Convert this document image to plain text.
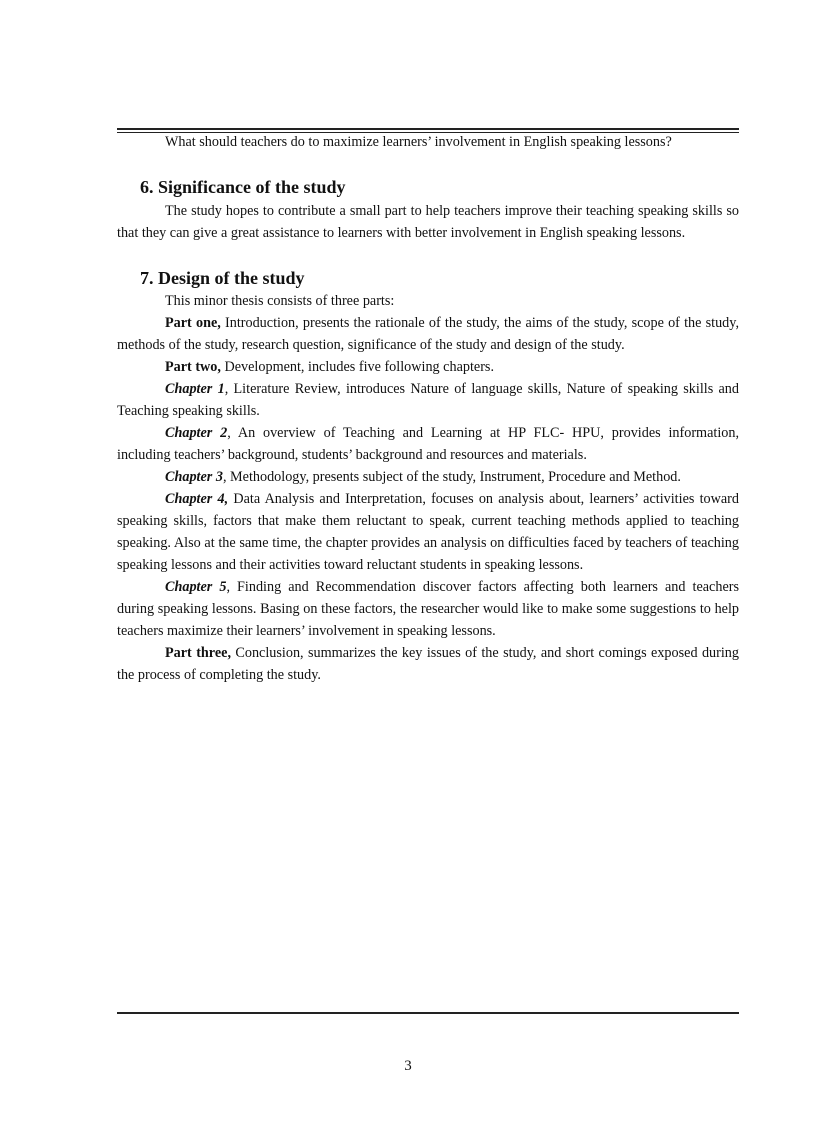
What should teachers do to maximize learners’ involvement in English speaking lessons?

6. Significance of the study

The study hopes to contribute a small part to help teachers improve their teaching speaking skills so that they can give a great assistance to learners with better involvement in English speaking lessons.

7. Design of the study

This minor thesis consists of three parts:

Part one, Introduction, presents the rationale of the study, the aims of the study, scope of the study, methods of the study, research question, significance of the study and design of the study.

Part two, Development, includes five following chapters.

Chapter 1, Literature Review, introduces Nature of language skills, Nature of speaking skills and Teaching speaking skills.

Chapter 2, An overview of Teaching and Learning at HP FLC- HPU, provides information, including teachers’ background, students’ background and resources and materials.

Chapter 3, Methodology, presents subject of the study, Instrument, Procedure and Method.

Chapter 4, Data Analysis and Interpretation, focuses on analysis about, learners’ activities toward speaking skills, factors that make them reluctant to speak, current teaching methods applied to teaching speaking. Also at the same time, the chapter provides an analysis on difficulties faced by teachers of teaching speaking lessons and their activities toward reluctant students in speaking lessons.

Chapter 5, Finding and Recommendation discover factors affecting both learners and teachers during speaking lessons. Basing on these factors, the researcher would like to make some suggestions to help teachers maximize their learners’ involvement in speaking lessons.

Part three, Conclusion, summarizes the key issues of the study, and short comings exposed during the process of completing the study.

3
